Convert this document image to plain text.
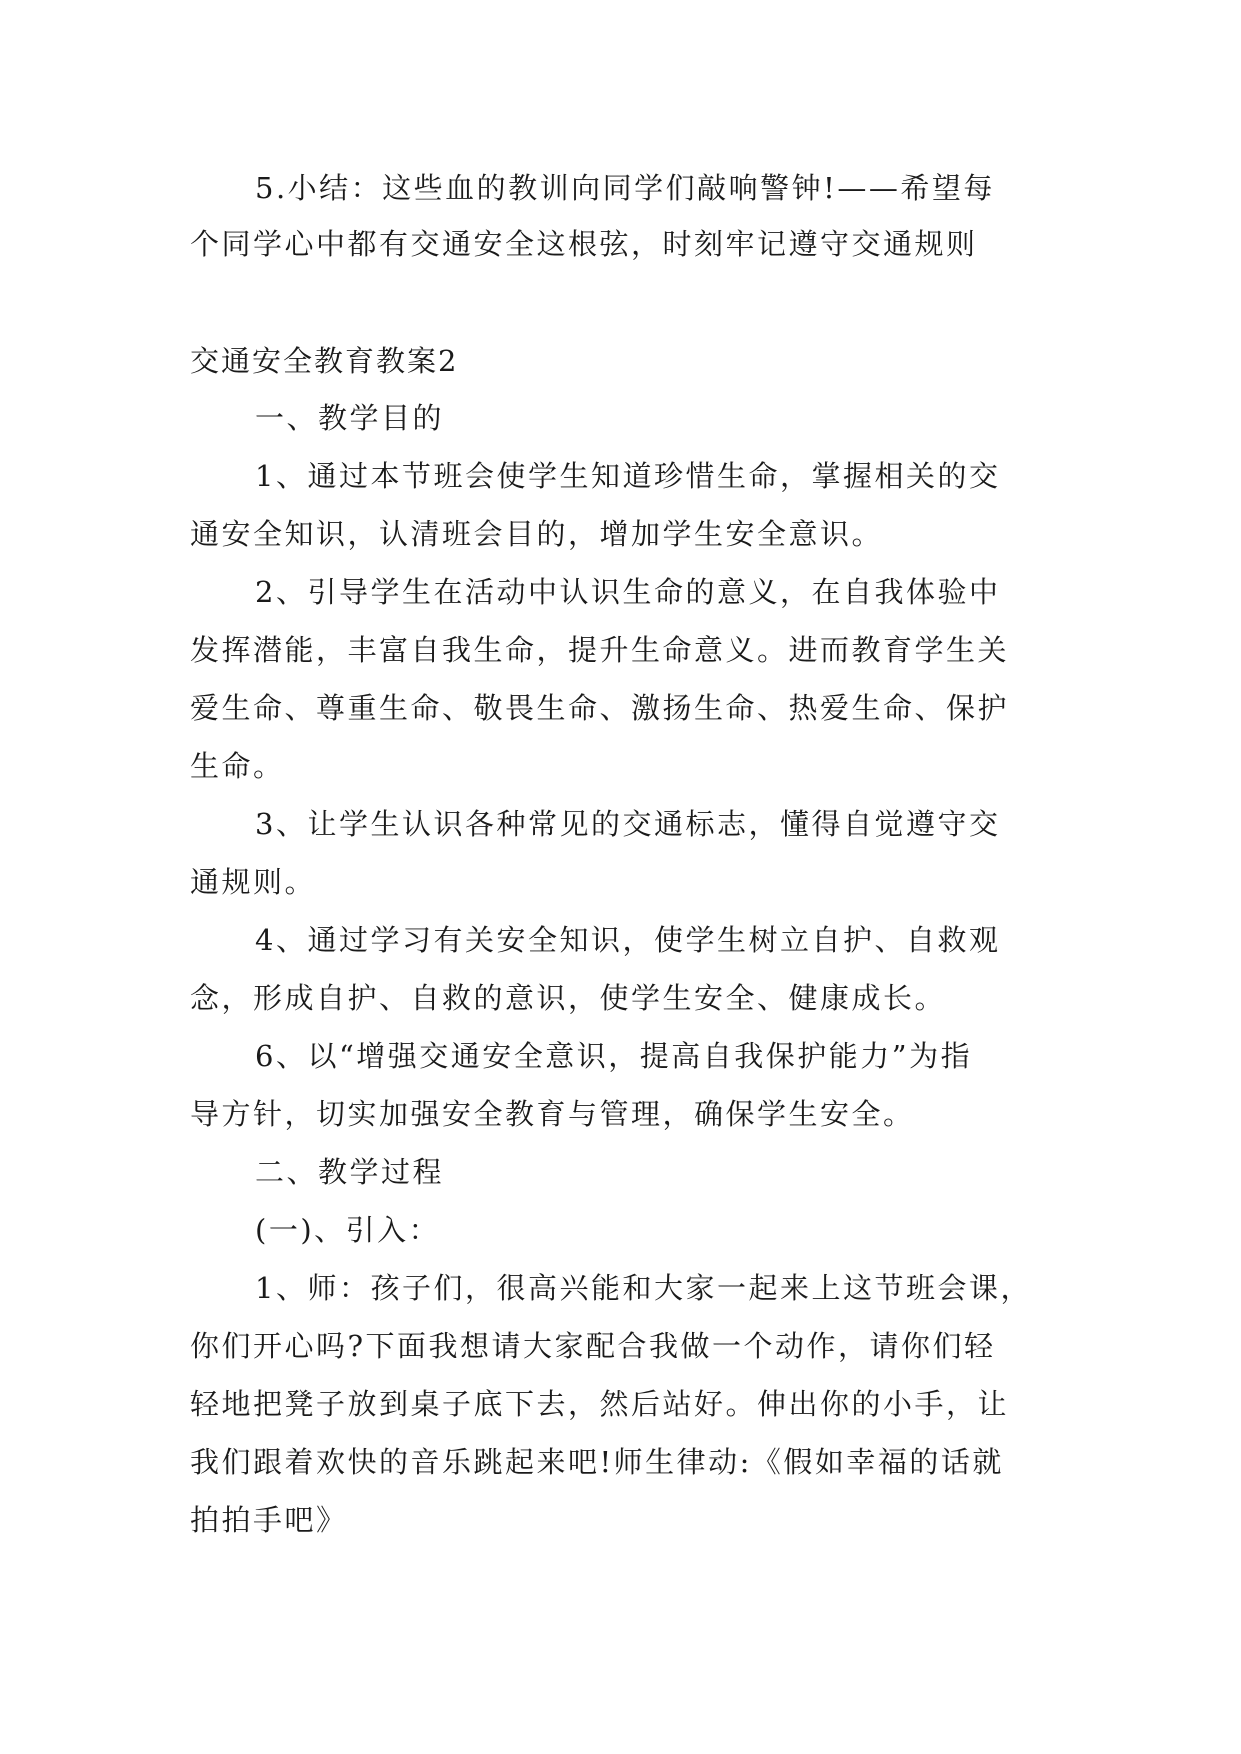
5.小结：这些血的教训向同学们敲响警钟!——希望每
个同学心中都有交通安全这根弦，时刻牢记遵守交通规则
交通安全教育教案2
一、教学目的
1、通过本节班会使学生知道珍惜生命，掌握相关的交
通安全知识，认清班会目的，增加学生安全意识。
2、引导学生在活动中认识生命的意义，在自我体验中
发挥潜能，丰富自我生命，提升生命意义。进而教育学生关
爱生命、尊重生命、敬畏生命、激扬生命、热爱生命、保护
生命。
3、让学生认识各种常见的交通标志，懂得自觉遵守交
通规则。
4、通过学习有关安全知识，使学生树立自护、自救观
念，形成自护、自救的意识，使学生安全、健康成长。
6、以“增强交通安全意识，提高自我保护能力”为指
导方针，切实加强安全教育与管理，确保学生安全。
二、教学过程
(一)、引入：
1、师：孩子们，很高兴能和大家一起来上这节班会课，
你们开心吗?下面我想请大家配合我做一个动作，请你们轻
轻地把凳子放到桌子底下去，然后站好。伸出你的小手，让
我们跟着欢快的音乐跳起来吧!师生律动:《假如幸福的话就
拍拍手吧》
